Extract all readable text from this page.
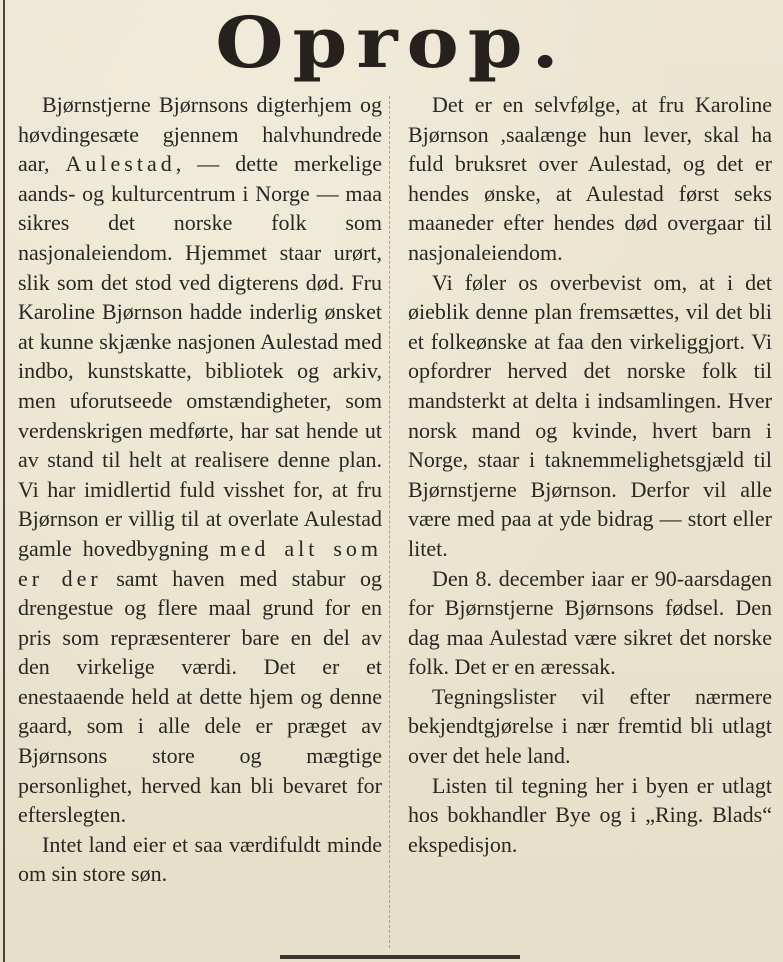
Oprop.

Bjørnstjerne Bjørnsons digterhjem og høvdingesæte gjennem halvhundrede aar, Aulestad, — dette merkelige aands- og kulturcentrum i Norge — maa sikres det norske folk som nasjonaleiendom. Hjemmet staar urørt, slik som det stod ved digterens død. Fru Karoline Bjørnson hadde inderlig ønsket at kunne skjænke nasjonen Aulestad med indbo, kunstskatte, bibliotek og arkiv, men uforutseede omstændigheter, som verdenskrigen medførte, har sat hende ut av stand til helt at realisere denne plan. Vi har imidlertid fuld visshet for, at fru Bjørnson er villig til at overlate Aulestad gamle hovedbygning med alt som er der samt haven med stabur og drengestue og flere maal grund for en pris som repræsenterer bare en del av den virkelige værdi. Det er et enestaaende held at dette hjem og denne gaard, som i alle dele er præget av Bjørnsons store og mægtige personlighet, herved kan bli bevaret for efterslegten.

Intet land eier et saa værdifuldt minde om sin store søn.

Det er en selvfølge, at fru Karoline Bjørnson ,saalænge hun lever, skal ha fuld bruksret over Aulestad, og det er hendes ønske, at Aulestad først seks maaneder efter hendes død overgaar til nasjonaleiendom.

Vi føler os overbevist om, at i det øieblik denne plan fremsættes, vil det bli et folkeønske at faa den virkeliggjort. Vi opfordrer herved det norske folk til mandsterkt at delta i indsamlingen. Hver norsk mand og kvinde, hvert barn i Norge, staar i taknemmelighetsgjæld til Bjørnstjerne Bjørnson. Derfor vil alle være med paa at yde bidrag — stort eller litet.

Den 8. december iaar er 90-aarsdagen for Bjørnstjerne Bjørnsons fødsel. Den dag maa Aulestad være sikret det norske folk. Det er en æressak.

Tegningslister vil efter nærmere bekjendtgjørelse i nær fremtid bli utlagt over det hele land.

Listen til tegning her i byen er utlagt hos bokhandler Bye og i „Ring. Blads“ ekspedisjon.
